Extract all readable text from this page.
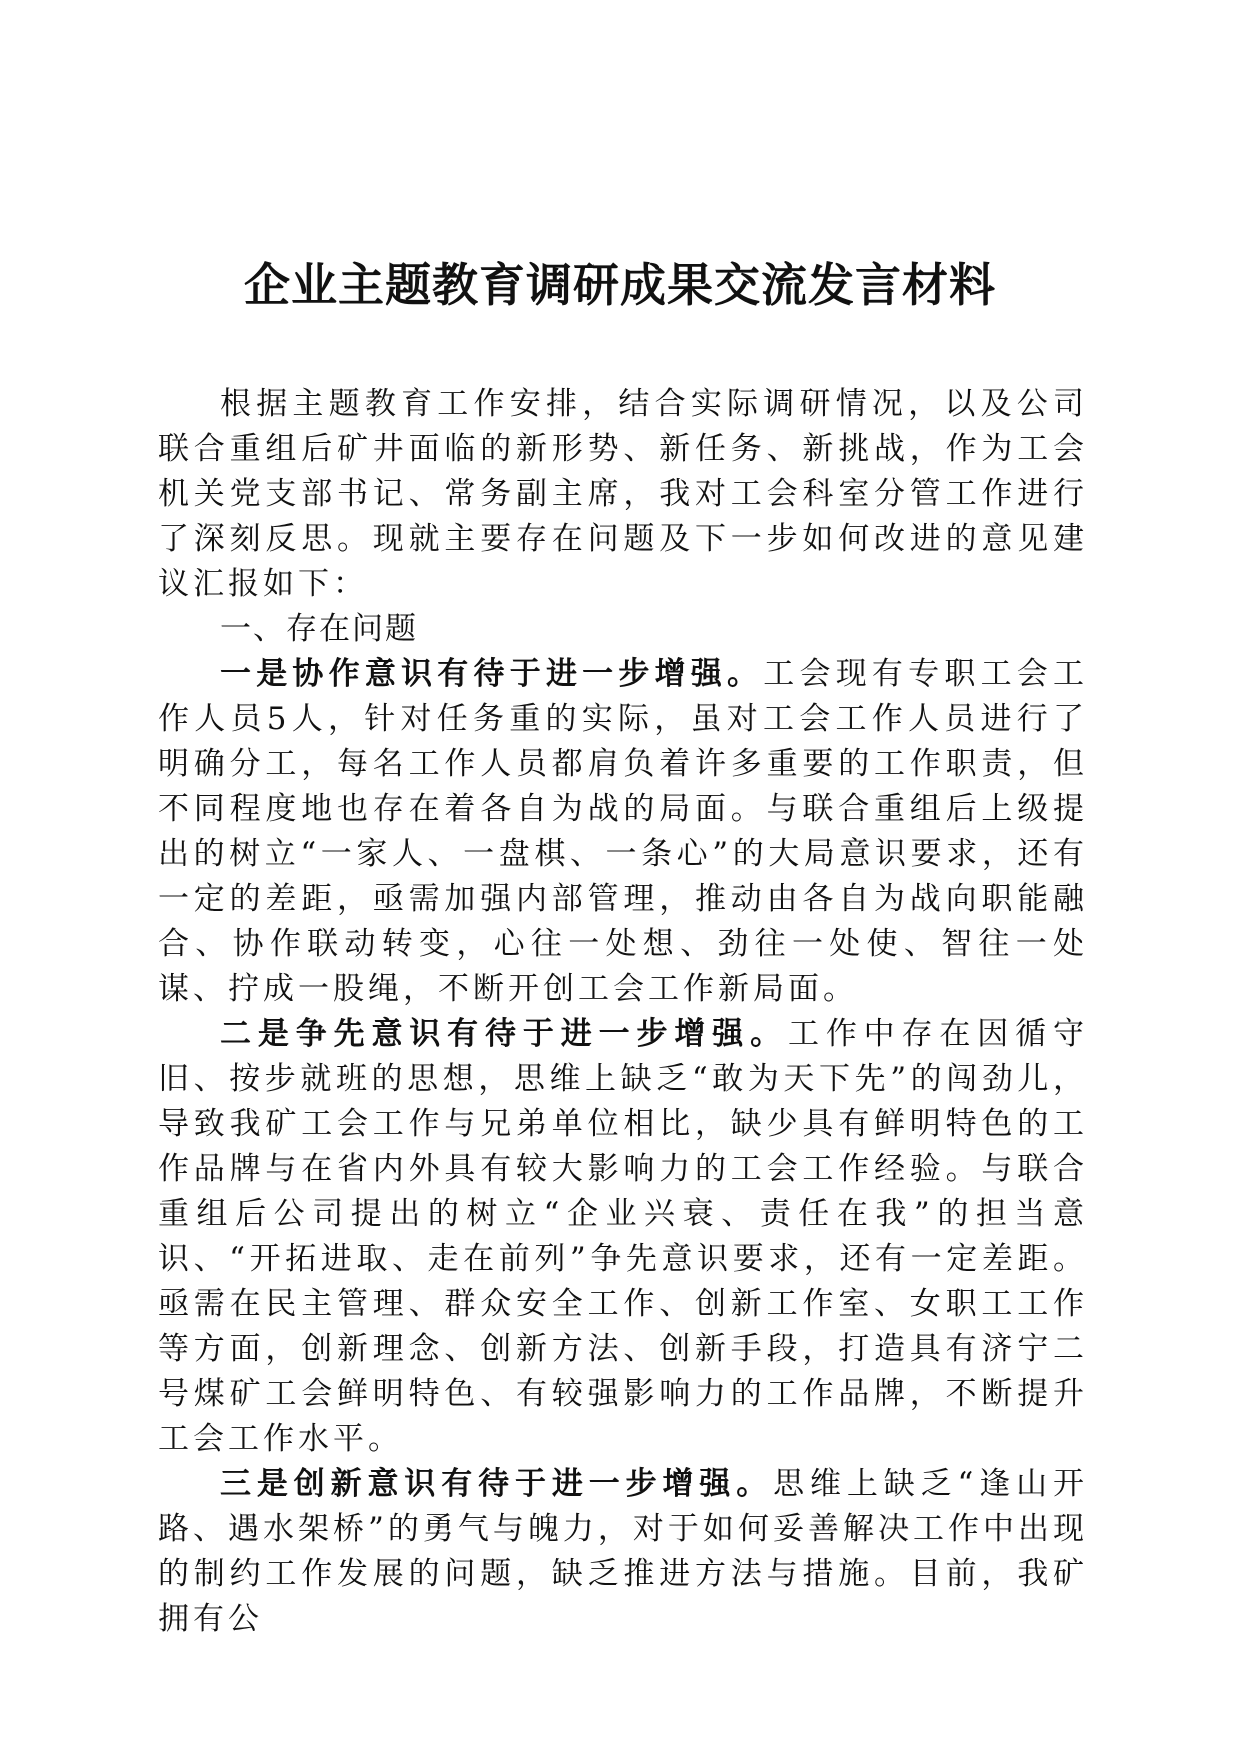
企业主题教育调研成果交流发言材料

根据主题教育工作安排，结合实际调研情况，以及公司联合重组后矿井面临的新形势、新任务、新挑战，作为工会机关党支部书记、常务副主席，我对工会科室分管工作进行了深刻反思。现就主要存在问题及下一步如何改进的意见建议汇报如下：

一、存在问题

一是协作意识有待于进一步增强。工会现有专职工会工作人员5人，针对任务重的实际，虽对工会工作人员进行了明确分工，每名工作人员都肩负着许多重要的工作职责，但不同程度地也存在着各自为战的局面。与联合重组后上级提出的树立“一家人、一盘棋、一条心”的大局意识要求，还有一定的差距，亟需加强内部管理，推动由各自为战向职能融合、协作联动转变，心往一处想、劲往一处使、智往一处谋、拧成一股绳，不断开创工会工作新局面。

二是争先意识有待于进一步增强。工作中存在因循守旧、按步就班的思想，思维上缺乏“敢为天下先”的闯劲儿，导致我矿工会工作与兄弟单位相比，缺少具有鲜明特色的工作品牌与在省内外具有较大影响力的工会工作经验。与联合重组后公司提出的树立“企业兴衰、责任在我”的担当意识、“开拓进取、走在前列”争先意识要求，还有一定差距。亟需在民主管理、群众安全工作、创新工作室、女职工工作等方面，创新理念、创新方法、创新手段，打造具有济宁二号煤矿工会鲜明特色、有较强影响力的工作品牌，不断提升工会工作水平。

三是创新意识有待于进一步增强。思维上缺乏“逢山开路、遇水架桥”的勇气与魄力，对于如何妥善解决工作中出现的制约工作发展的问题，缺乏推进方法与措施。目前，我矿拥有公
